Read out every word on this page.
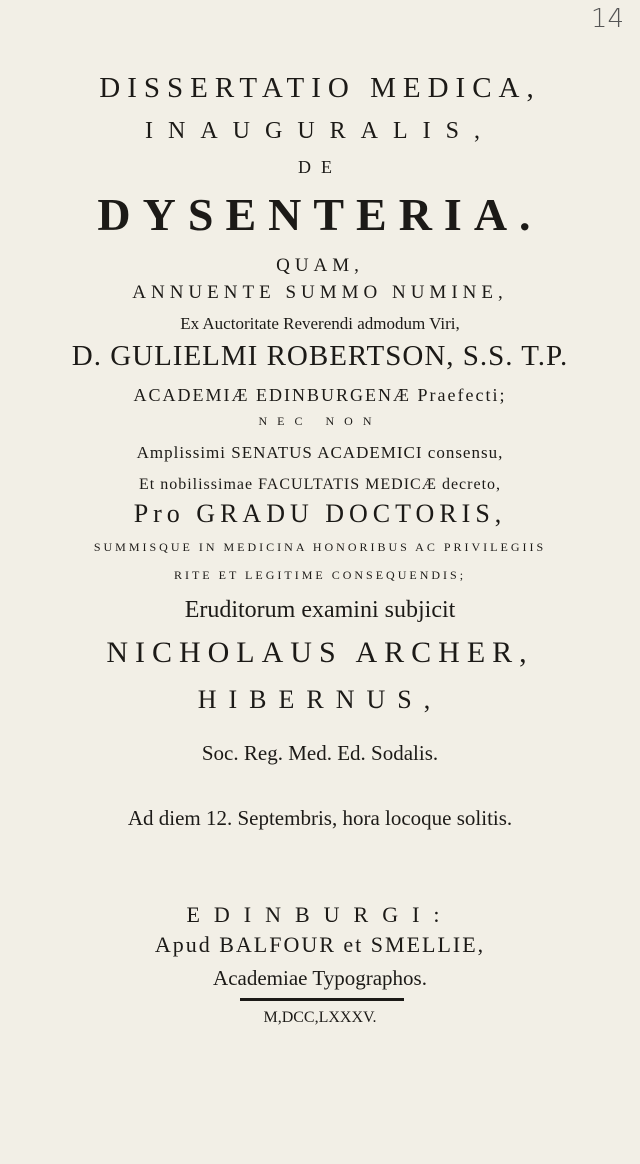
14
DISSERTATIO MEDICA,
INAUGURALIS,
DE
DYSENTERIA.
QUAM,
ANNUENTE SUMMO NUMINE,
Ex Auctoritate Reverendi admodum Viri,
D. GULIELMI ROBERTSON, S.S. T.P.
ACADEMIÆ EDINBURGENÆ Praefecti;
NEC NON
Amplissimi SENATUS ACADEMICI consensu,
Et nobilissimae FACULTATIS MEDICÆ decreto,
Pro GRADU DOCTORIS,
SUMMISQUE IN MEDICINA HONORIBUS AC PRIVILEGIIS
RITE ET LEGITIME CONSEQUENDIS;
Eruditorum examini subjicit
NICHOLAUS ARCHER,
HIBERNUS,
Soc. Reg. Med. Ed. Sodalis.
Ad diem 12. Septembris, hora locoque solitis.
EDINBURGI:
Apud BALFOUR et SMELLIE,
Academiae Typographos.
M,DCC,LXXXV.
